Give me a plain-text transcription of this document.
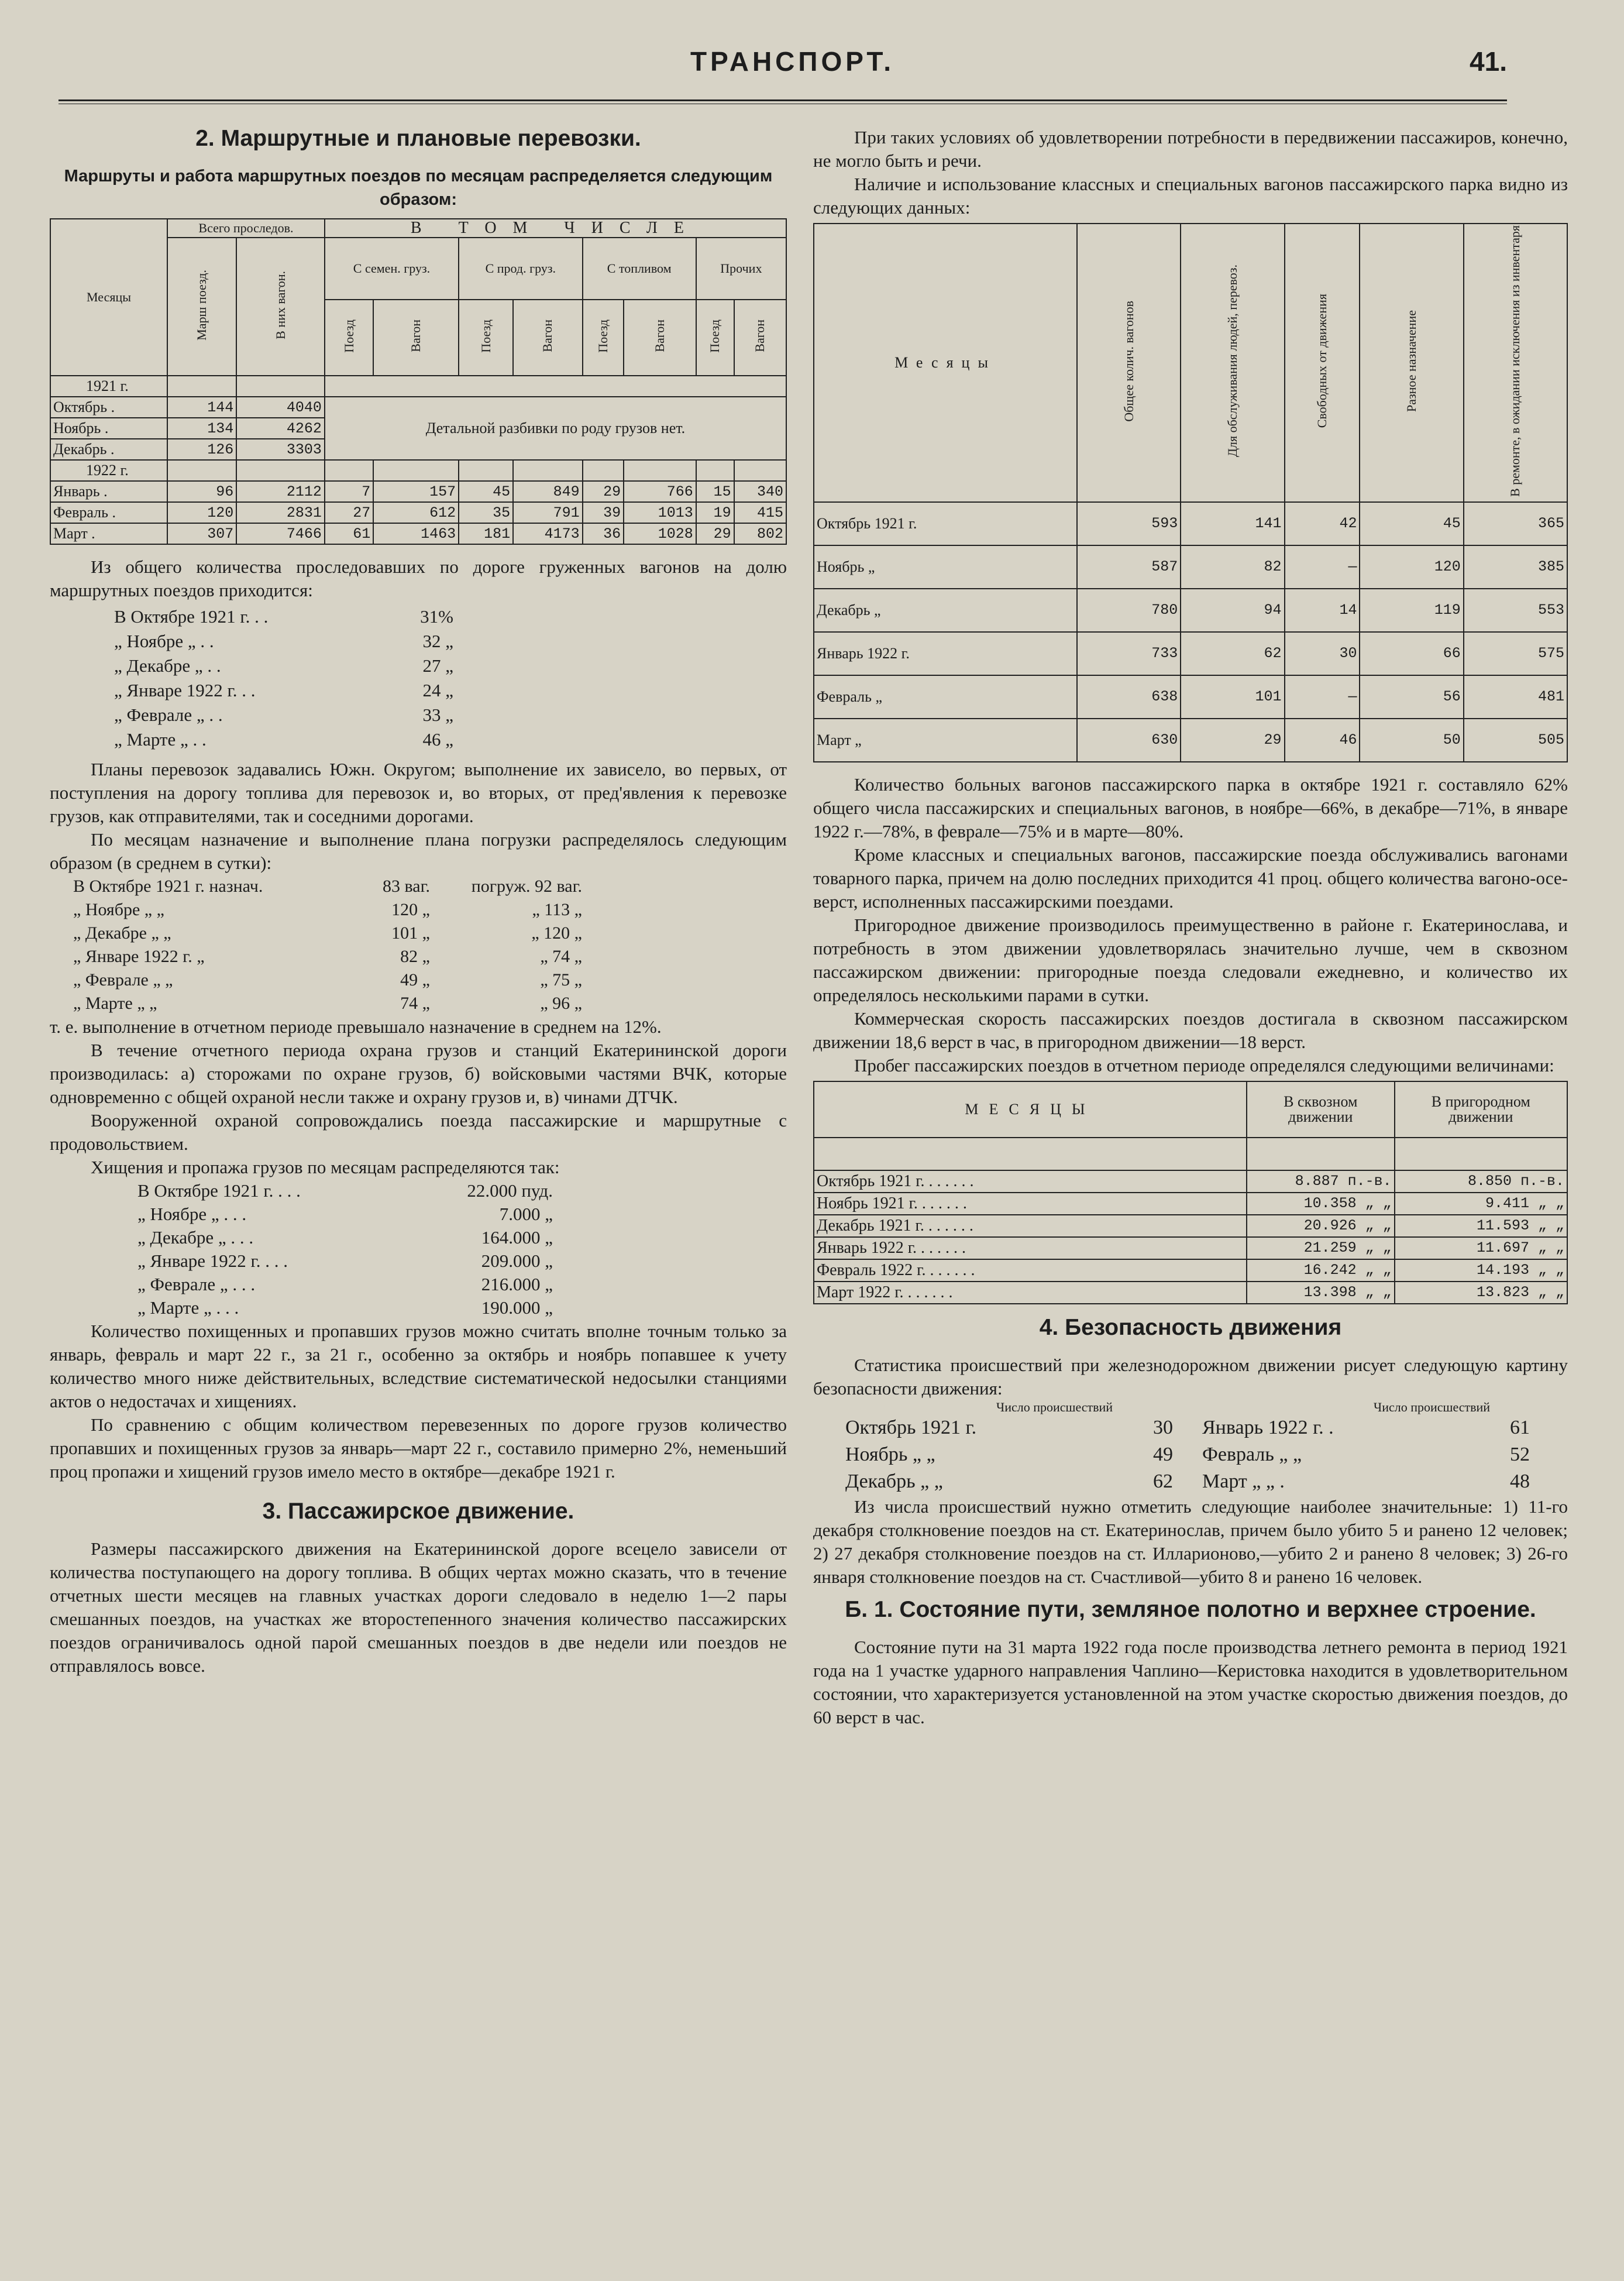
ТРАНСПОРТ.	41.
2. Маршрутные и плановые перевозки.

Маршруты и работа маршрутных поездов по месяцам распределяется следующим образом:

Месяцы	Всего проследов.		В ТОМ ЧИСЛЕ							
	Марш поезд.	В них вагон.	С семен. груз.		С прод. груз.		С топливом		Прочих	
			Поезд	Вагон	Поезд	Вагон	Поезд	Вагон	Поезд	Вагон
1921 г.										
Октябрь .	144	4040	Детальной разбивки по роду грузов нет.							
Ноябрь .	134	4262								
Декабрь .	126	3303								
1922 г.										
Январь .	96	2112	7	157	45	849	29	766	15	340
Февраль .	120	2831	27	612	35	791	39	1013	19	415
Март .	307	7466	61	1463	181	4173	36	1028	29	802

Из общего количества проследовавших по дороге груженных вагонов на долю маршрутных поездов приходится:

В Октябре 1921 г. . .	31%
„ Ноябре „ . .	32 „
„ Декабре „ . .	27 „
„ Январе 1922 г. . .	24 „
„ Феврале „ . .	33 „
„ Марте „ . .	46 „

Планы перевозок задавались Южн. Округом; выполнение их зависело, во первых, от поступления на дорогу топлива для перевозок и, во вторых, от пред'явления к перевозке грузов, как отправителями, так и соседними дорогами.

По месяцам назначение и выполнение плана погрузки распределялось следующим образом (в среднем в сутки):

В Октябре 1921 г. назнач.	83 ваг.	погруж. 92 ваг.
„ Ноябре „ „	120 „	„ 113 „
„ Декабре „ „	101 „	„ 120 „
„ Январе 1922 г. „	82 „	„ 74 „
„ Феврале „ „	49 „	„ 75 „
„ Марте „ „	74 „	„ 96 „

т. е. выполнение в отчетном периоде превышало назначение в среднем на 12%.

В течение отчетного периода охрана грузов и станций Екатерининской дороги производилась: а) сторожами по охране грузов, б) войсковыми частями ВЧК, которые одновременно с общей охраной несли также и охрану грузов и, в) чинами ДТЧК.

Вооруженной охраной сопровождались поезда пассажирские и маршрутные с продовольствием.

Хищения и пропажа грузов по месяцам распределяются так:

В Октябре 1921 г. . . .	22.000 пуд.
„ Ноябре „ . . .	7.000 „
„ Декабре „ . . .	164.000 „
„ Январе 1922 г. . . .	209.000 „
„ Феврале „ . . .	216.000 „
„ Марте „ . . .	190.000 „

Количество похищенных и пропавших грузов можно считать вполне точным только за январь, февраль и март 22 г., за 21 г., особенно за октябрь и ноябрь попавшее к учету количество много ниже действительных, вследствие систематической недосылки станциями актов о недостачах и хищениях.

По сравнению с общим количеством перевезенных по дороге грузов количество пропавших и похищенных грузов за январь—март 22 г., составило примерно 2%, неменьший проц пропажи и хищений грузов имело место в октябре—декабре 1921 г.

3. Пассажирское движение.

Размеры пассажирского движения на Екатерининской дороге всецело зависели от количества поступающего на дорогу топлива. В общих чертах можно сказать, что в течение отчетных шести месяцев на главных участках дороги следовало в неделю 1—2 пары смешанных поездов, на участках же второстепенного значения количество пассажирских поездов ограничивалось одной парой смешанных поездов в две недели или поездов не отправлялось вовсе.

При таких условиях об удовлетворении потребности в передвижении пассажиров, конечно, не могло быть и речи.

Наличие и использование классных и специальных вагонов пассажирского парка видно из следующих данных:

Месяцы	Общее колич. вагонов	Для обслуживания людей, перевоз.	Свободных от движения	Разное назначение	В ремонте, в ожидании исключения из инвентаря
Октябрь 1921 г.	593	141	42	45	365
Ноябрь „	587	82	—	120	385
Декабрь „	780	94	14	119	553
Январь 1922 г.	733	62	30	66	575
Февраль „	638	101	—	56	481
Март „	630	29	46	50	505

Количество больных вагонов пассажирского парка в октябре 1921 г. составляло 62% общего числа пассажирских и специальных вагонов, в ноябре—66%, в декабре—71%, в январе 1922 г.—78%, в феврале—75% и в марте—80%.

Кроме классных и специальных вагонов, пассажирские поезда обслуживались вагонами товарного парка, причем на долю последних приходится 41 проц. общего количества вагоно-осе-верст, исполненных пассажирскими поездами.

Пригородное движение производилось преимущественно в районе г. Екатеринослава, и потребность в этом движении удовлетворялась значительно лучше, чем в сквозном пассажирском движении: пригородные поезда следовали ежедневно, и количество их определялось несколькими парами в сутки.

Коммерческая скорость пассажирских поездов достигала в сквозном пассажирском движении 18,6 верст в час, в пригородном движении—18 верст.

Пробег пассажирских поездов в отчетном периоде определялся следующими величинами:

МЕСЯЦЫ	В сквозном движении	В пригородном движении

Октябрь 1921 г. . . . . . .	8.887 п.-в.	8.850 п.-в.
Ноябрь 1921 г. . . . . . .	10.358 „ „	9.411 „ „
Декабрь 1921 г. . . . . . .	20.926 „ „	11.593 „ „
Январь 1922 г. . . . . . .	21.259 „ „	11.697 „ „
Февраль 1922 г. . . . . . .	16.242 „ „	14.193 „ „
Март 1922 г. . . . . . .	13.398 „ „	13.823 „ „
4. Безопасность движения

Статистика происшествий при железнодорожном движении рисует следующую картину безопасности движения:

Число происшествий	Число происшествий
Октябрь 1921 г.	30	Январь 1922 г. .	61
Ноябрь „ „	49	Февраль „ „	52
Декабрь „ „	62	Март „ „ .	48

Из числа происшествий нужно отметить следующие наиболее значительные: 1) 11-го декабря столкновение поездов на ст. Екатеринослав, причем было убито 5 и ранено 12 человек; 2) 27 декабря столкновение поездов на ст. Илларионово,—убито 2 и ранено 8 человек; 3) 26-го января столкновение поездов на ст. Счастливой—убито 8 и ранено 16 человек.

Б. 1. Состояние пути, земляное полотно и верхнее строение.

Состояние пути на 31 марта 1922 года после производства летнего ремонта в период 1921 года на 1 участке ударного направления Чаплино—Керистовка находится в удовлетворительном состоянии, что характеризуется установленной на этом участке скоростью движения поездов, до 60 верст в час.
